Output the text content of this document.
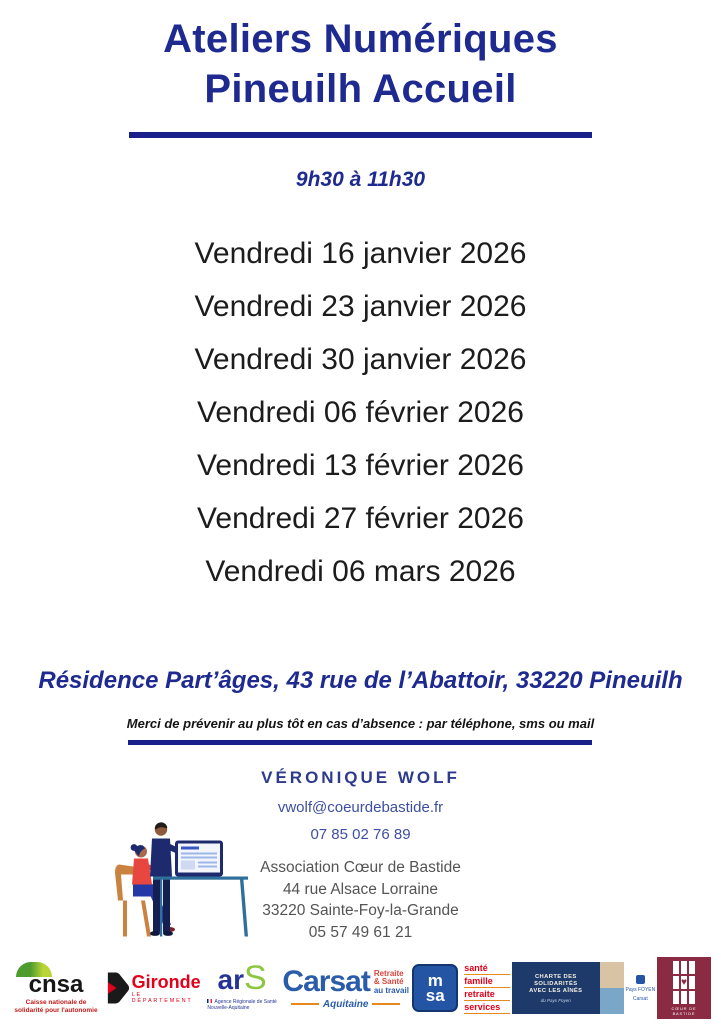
Ateliers Numériques
Pineuilh Accueil
9h30 à 11h30
Vendredi 16 janvier 2026
Vendredi 23 janvier 2026
Vendredi 30 janvier 2026
Vendredi 06 février 2026
Vendredi 13 février 2026
Vendredi 27 février 2026
Vendredi 06 mars 2026
Résidence Part’âges, 43 rue de l’Abattoir, 33220 Pineuilh
Merci de prévenir au plus tôt en cas d’absence : par téléphone, sms ou mail
VÉRONIQUE WOLF
vwolf@coeurdebastide.fr
07 85 02 76 89
Association Cœur de Bastide
44 rue Alsace Lorraine
33220 Sainte-Foy-la-Grande
05 57 49 61 21
cnsa
Caisse nationale de
solidarité pour l'autonomie
Gironde
LE DÉPARTEMENT
arS
Agence Régionale de Santé
Nouvelle-Aquitaine
Carsat Retraite
& Santé
au travail
Aquitaine
m
sa
santé
famille
retraite
services
CHARTE DES SOLIDARITÉS
AVEC LES AÎNÉS
du Pays Foyen
Pays FOYEN
Carsat
♥
CŒUR DE BASTIDE
